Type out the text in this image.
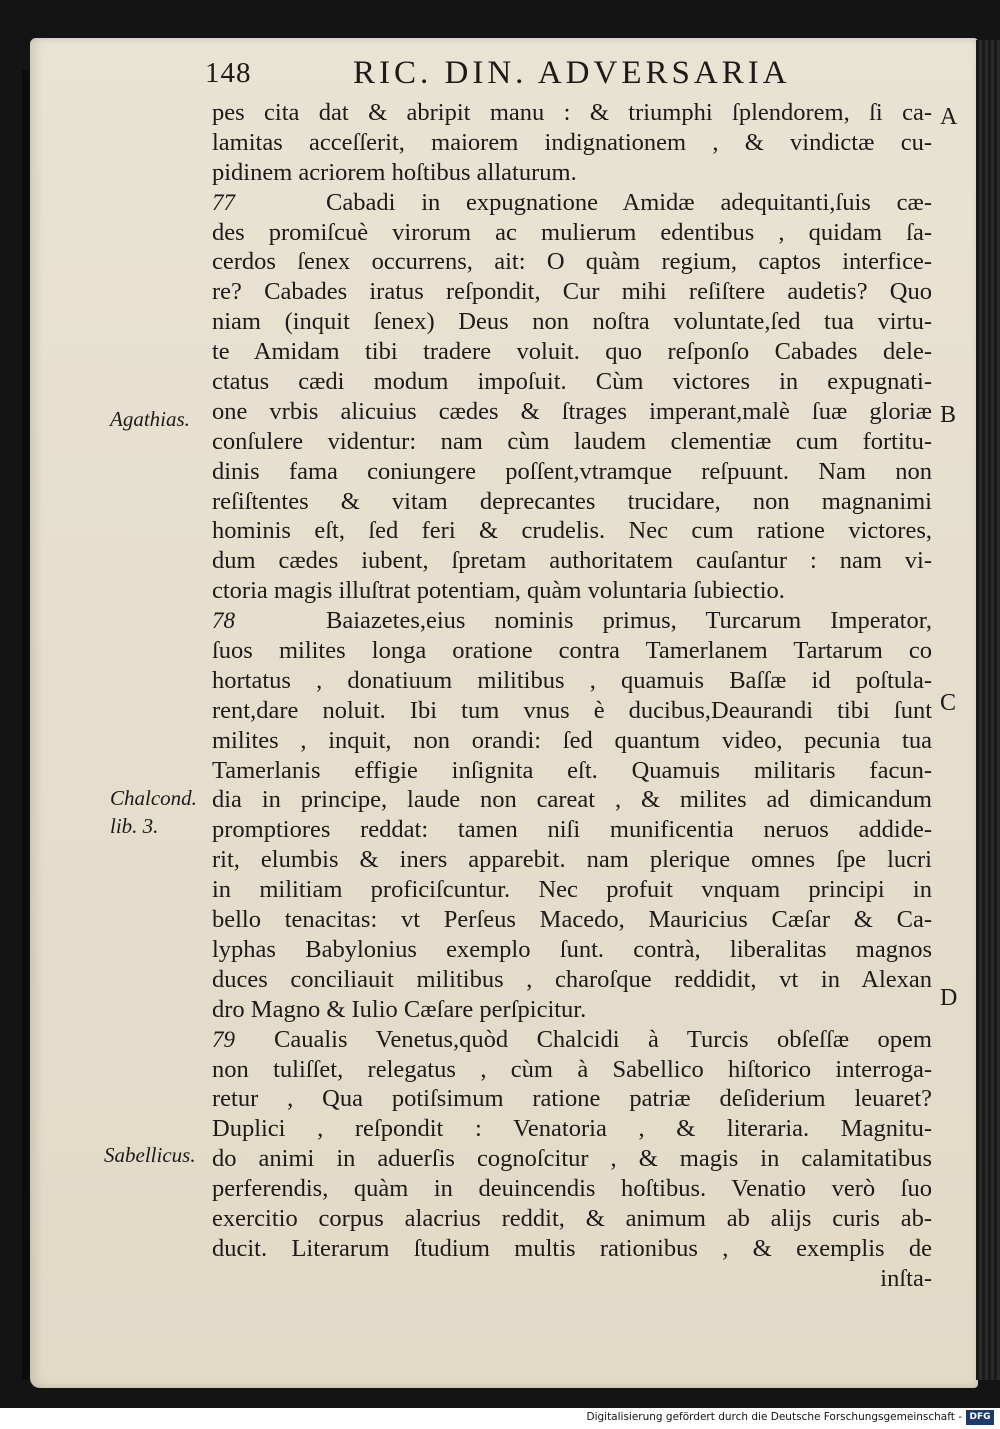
148	RIC. DIN. ADVERSARIA
pes cita dat & abripit manu : & triumphi ſplendorem, ſi ca-
lamitas acceſſerit, maiorem indignationem , & vindictæ cu-
pidinem acriorem hoſtibus allaturum.
77	Cabadi in expugnatione Amidæ adequitanti,ſuis cæ-
des promiſcuè virorum ac mulierum edentibus , quidam ſa-
cerdos ſenex occurrens, ait: O quàm regium, captos interfice-
re? Cabades iratus reſpondit, Cur mihi reſiſtere audetis? Quo
niam (inquit ſenex) Deus non noſtra voluntate,ſed tua virtu-
te Amidam tibi tradere voluit. quo reſponſo Cabades dele-
ctatus cædi modum impoſuit. Cùm victores in expugnati-
one vrbis alicuius cædes & ſtrages imperant,malè ſuæ gloriæ
conſulere videntur: nam cùm laudem clementiæ cum fortitu-
dinis fama coniungere poſſent,vtramque reſpuunt. Nam non
reſiſtentes & vitam deprecantes trucidare, non magnanimi
hominis eſt, ſed feri & crudelis. Nec cum ratione victores,
dum cædes iubent, ſpretam authoritatem cauſantur : nam vi-
ctoria magis illuſtrat potentiam, quàm voluntaria ſubiectio.
78	Baiazetes,eius nominis primus, Turcarum Imperator,
ſuos milites longa oratione contra Tamerlanem Tartarum co
hortatus , donatiuum militibus , quamuis Baſſæ id poſtula-
rent,dare noluit. Ibi tum vnus è ducibus,Deaurandi tibi ſunt
milites , inquit, non orandi: ſed quantum video, pecunia tua
Tamerlanis effigie inſignita eſt. Quamuis militaris facun-
dia in principe, laude non careat , & milites ad dimicandum
promptiores reddat: tamen niſi munificentia neruos addide-
rit, elumbis & iners apparebit. nam plerique omnes ſpe lucri
in militiam proficiſcuntur. Nec profuit vnquam principi in
bello tenacitas: vt Perſeus Macedo, Mauricius Cæſar & Ca-
lyphas Babylonius exemplo ſunt. contrà, liberalitas magnos
duces conciliauit militibus , charoſque reddidit, vt in Alexan
dro Magno & Iulio Cæſare perſpicitur.
79 Caualis Venetus,quòd Chalcidi à Turcis obſeſſæ opem
non tuliſſet, relegatus , cùm à Sabellico hiſtorico interroga-
retur , Qua potiſsimum ratione patriæ deſiderium leuaret?
Duplici , reſpondit : Venatoria , & literaria. Magnitu-
do animi in aduerſis cognoſcitur , & magis in calamitatibus
perferendis, quàm in deuincendis hoſtibus. Venatio verò ſuo
exercitio corpus alacrius reddit, & animum ab alijs curis ab-
ducit. Literarum ſtudium multis rationibus , & exemplis de
inſta-
Agathias.
Chalcond.
lib. 3.
Sabellicus.
A
B
C
D
Digitalisierung gefördert durch die Deutsche Forschungsgemeinschaft - DFG
